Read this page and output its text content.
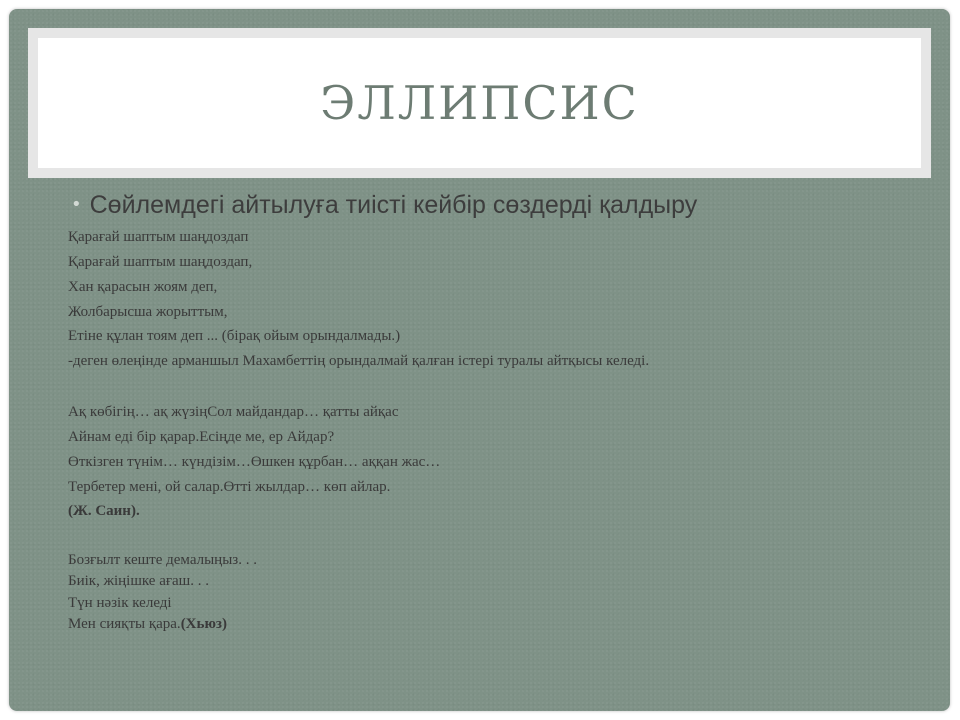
ЭЛЛИПСИС
• Сөйлемдегі айтылуға тиісті кейбір сөздерді қалдыру
Қарағай шаптым шаңдоздап
Қарағай шаптым шаңдоздап,
Хан қарасын жоям деп,
Жолбарысша жорыттым,
Етіне құлан тоям деп ... (бірақ ойым орындалмады.)
-деген өлеңінде арманшыл Махамбеттің орындалмай қалған істері туралы айтқысы келеді.
Ақ көбігің… ақ жүзіңСол майдандар… қатты айқас
Айнам еді бір қарар.Есіңде ме, ер Айдар?
Өткізген түнім… күндізім…Өшкен құрбан… аққан жас…
Тербетер мені, ой салар.Өтті жылдар… көп айлар.
(Ж. Саин).
Бозғылт кеште демалыңыз. . .
Биік, жіңішке ағаш. . .
Түн нәзік келеді
Мен сияқты қара.(Хьюз)
